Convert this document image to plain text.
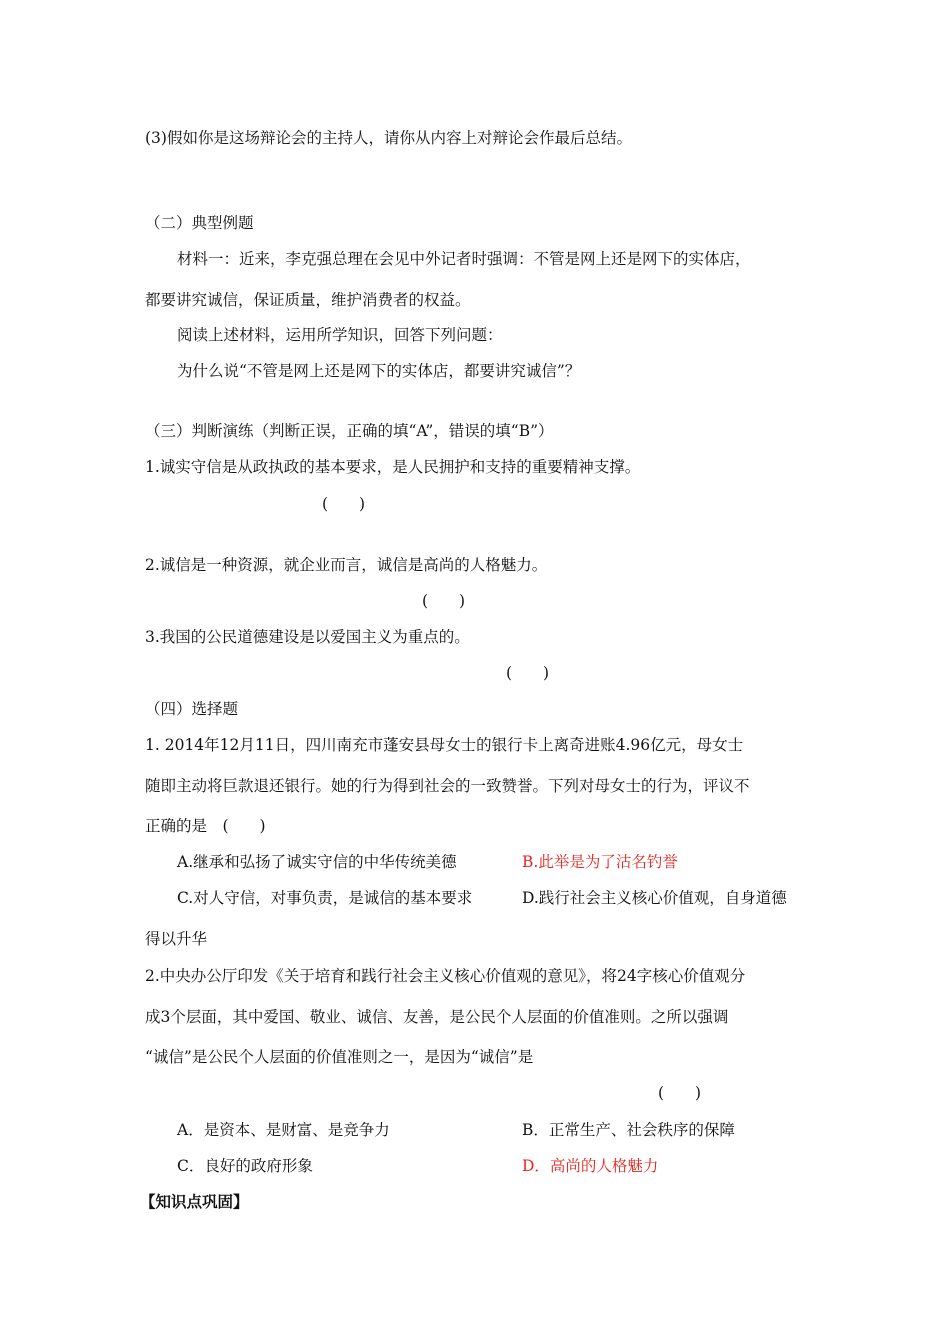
(3)假如你是这场辩论会的主持人，请你从内容上对辩论会作最后总结。
（二）典型例题
材料一：近来，李克强总理在会见中外记者时强调：不管是网上还是网下的实体店，
都要讲究诚信，保证质量，维护消费者的权益。
阅读上述材料，运用所学知识，回答下列问题：
为什么说“不管是网上还是网下的实体店，都要讲究诚信”？
（三）判断演练（判断正误，正确的填“A”，错误的填“B”）
1.诚实守信是从政执政的基本要求，是人民拥护和支持的重要精神支撑。
(　　)
2.诚信是一种资源，就企业而言，诚信是高尚的人格魅力。
(　　)
3.我国的公民道德建设是以爱国主义为重点的。
(　　)
（四）选择题
1. 2014年12月11日，四川南充市蓬安县母女士的银行卡上离奇进账4.96亿元，母女士
随即主动将巨款退还银行。她的行为得到社会的一致赞誉。下列对母女士的行为，评议不
正确的是　(　　)
A.继承和弘扬了诚实守信的中华传统美德	B.此举是为了沽名钓誉
C.对人守信，对事负责，是诚信的基本要求	D.践行社会主义核心价值观，自身道德
得以升华
2.中央办公厅印发《关于培育和践行社会主义核心价值观的意见》，将24字核心价值观分
成3个层面，其中爱国、敬业、诚信、友善，是公民个人层面的价值准则。之所以强调
“诚信”是公民个人层面的价值准则之一，是因为“诚信”是
(　　)
A．是资本、是财富、是竞争力	B．正常生产、社会秩序的保障
C．良好的政府形象	D．高尚的人格魅力
【知识点巩固】
